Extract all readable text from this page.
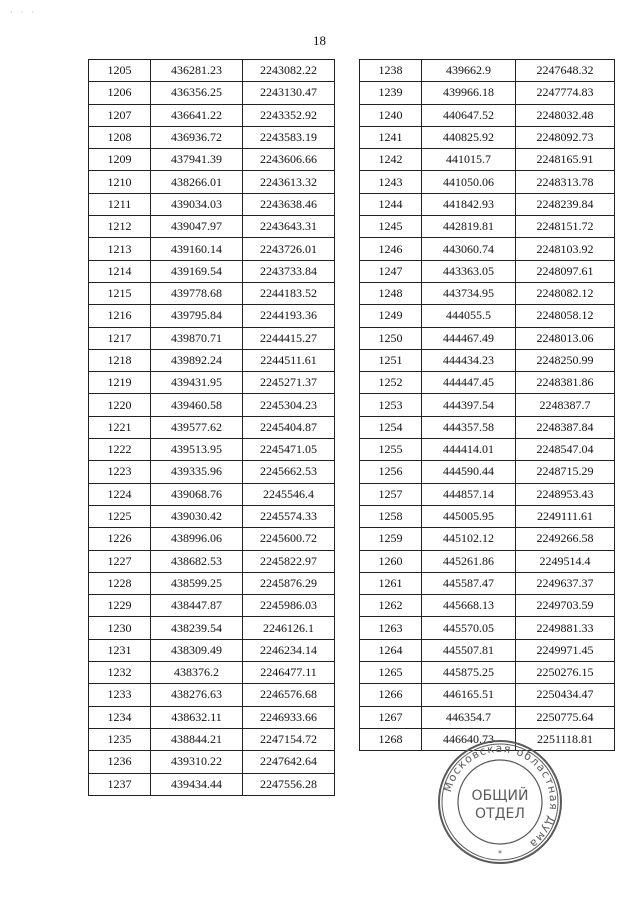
· · ·
18
1205	436281.23	2243082.22
1206	436356.25	2243130.47
1207	436641.22	2243352.92
1208	436936.72	2243583.19
1209	437941.39	2243606.66
1210	438266.01	2243613.32
1211	439034.03	2243638.46
1212	439047.97	2243643.31
1213	439160.14	2243726.01
1214	439169.54	2243733.84
1215	439778.68	2244183.52
1216	439795.84	2244193.36
1217	439870.71	2244415.27
1218	439892.24	2244511.61
1219	439431.95	2245271.37
1220	439460.58	2245304.23
1221	439577.62	2245404.87
1222	439513.95	2245471.05
1223	439335.96	2245662.53
1224	439068.76	2245546.4
1225	439030.42	2245574.33
1226	438996.06	2245600.72
1227	438682.53	2245822.97
1228	438599.25	2245876.29
1229	438447.87	2245986.03
1230	438239.54	2246126.1
1231	438309.49	2246234.14
1232	438376.2	2246477.11
1233	438276.63	2246576.68
1234	438632.11	2246933.66
1235	438844.21	2247154.72
1236	439310.22	2247642.64
1237	439434.44	2247556.28
1238	439662.9	2247648.32
1239	439966.18	2247774.83
1240	440647.52	2248032.48
1241	440825.92	2248092.73
1242	441015.7	2248165.91
1243	441050.06	2248313.78
1244	441842.93	2248239.84
1245	442819.81	2248151.72
1246	443060.74	2248103.92
1247	443363.05	2248097.61
1248	443734.95	2248082.12
1249	444055.5	2248058.12
1250	444467.49	2248013.06
1251	444434.23	2248250.99
1252	444447.45	2248381.86
1253	444397.54	2248387.7
1254	444357.58	2248387.84
1255	444414.01	2248547.04
1256	444590.44	2248715.29
1257	444857.14	2248953.43
1258	445005.95	2249111.61
1259	445102.12	2249266.58
1260	445261.86	2249514.4
1261	445587.47	2249637.37
1262	445668.13	2249703.59
1263	445570.05	2249881.33
1264	445507.81	2249971.45
1265	445875.25	2250276.15
1266	446165.51	2250434.47
1267	446354.7	2250775.64
1268	446640.73	2251118.81
Московская областная Дума
ОБЩИЙ
ОТДЕЛ
*
